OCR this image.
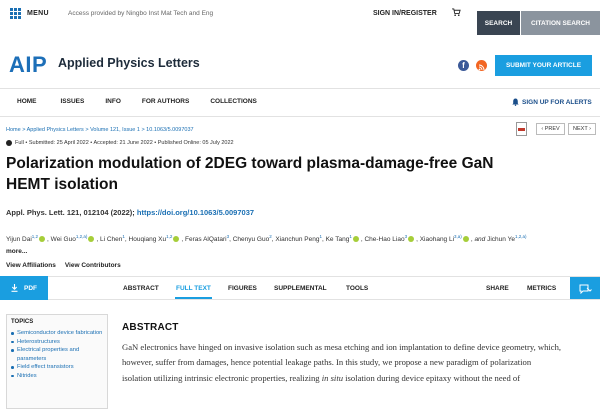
MENU	Access provided by Ningbo Inst Mat Tech and Eng	SIGN IN/REGISTER
SEARCH	CITATION SEARCH
AIP Applied Physics Letters	f	SUBMIT YOUR ARTICLE
HOME	ISSUES	INFO	FOR AUTHORS	COLLECTIONS	SIGN UP FOR ALERTS
Home > Applied Physics Letters > Volume 121, Issue 1 > 10.1063/5.0097037	‹ PREV	NEXT ›
Full • Submitted: 25 April 2022 • Accepted: 21 June 2022 • Published Online: 05 July 2022
Polarization modulation of 2DEG toward plasma-damage-free GaN HEMT isolation
Appl. Phys. Lett. 121, 012104 (2022); https://doi.org/10.1063/5.0097037
Yijun Dai$^{1,2}$ , Wei Guo$^{1,2,a)}$ , Li Chen$^1$, Houqiang Xu$^{1,2}$ , Feras AlQatari$^3$, Chenyu Guo$^2$, Xianchun Peng$^1$, Ke Tang$^1$ , Che-Hao Liao$^3$ , Xiaohang Li$^{3,a)}$ , and Jichun Ye$^{1,2,a)}$
more...
View Affiliations View Contributors
PDF	ABSTRACT	FULL TEXT	FIGURES	SUPPLEMENTAL	TOOLS	SHARE	METRICS
TOPICS
Semiconductor device fabrication
Heterostructures
Electrical properties and parameters
Field effect transistors
Nitrides
ABSTRACT
GaN electronics have hinged on invasive isolation such as mesa etching and ion implantation to define device geometry, which, however, suffer from damages, hence potential leakage paths. In this study, we propose a new paradigm of polarization isolation utilizing intrinsic electronic properties, realizing in situ isolation during device epitaxy without the need of
